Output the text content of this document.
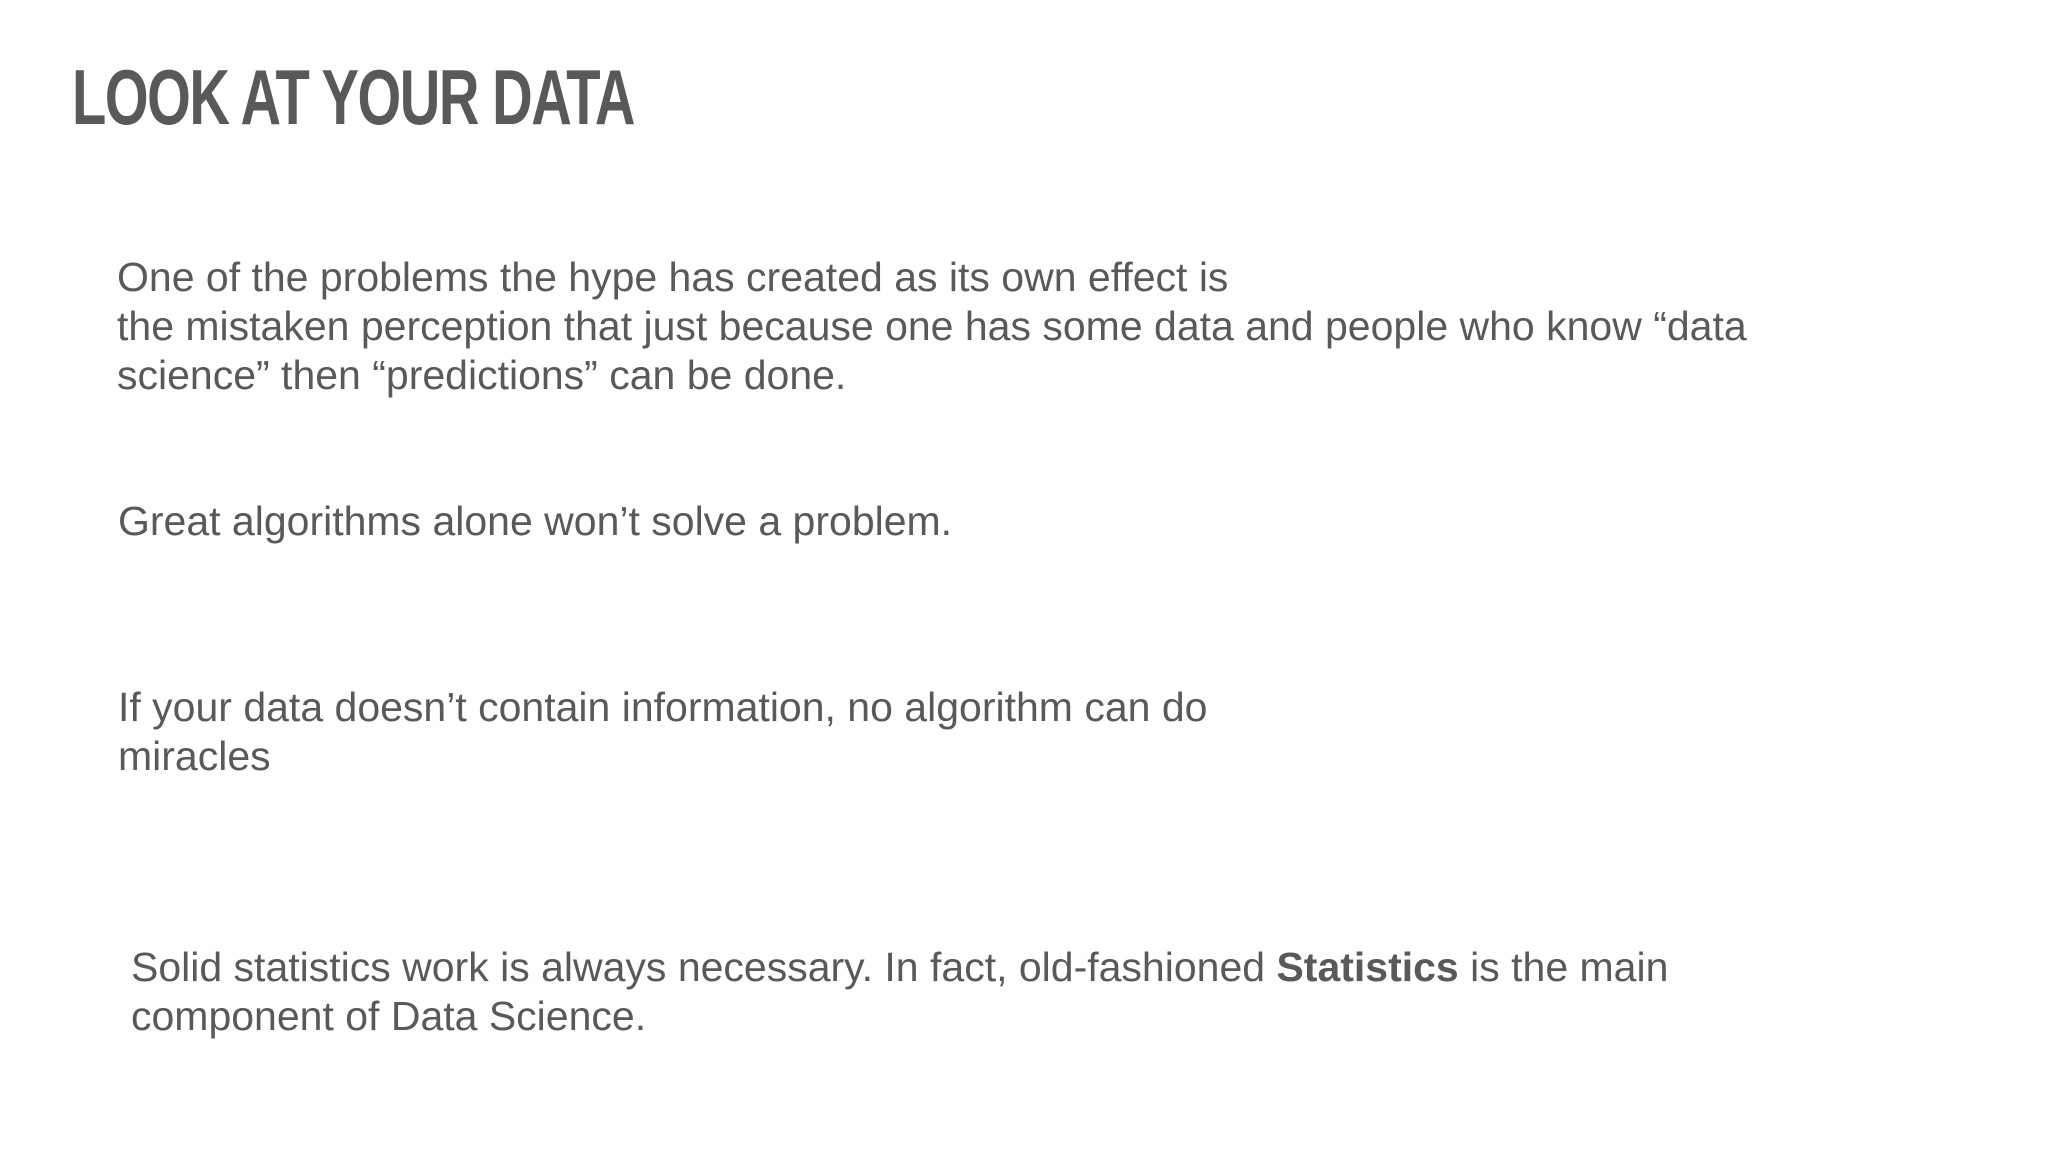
LOOK AT YOUR DATA
One of the problems the hype has created as its own effect is
the mistaken perception that just because one has some data and people who know “data
science” then “predictions” can be done.
Great algorithms alone won’t solve a problem.
If your data doesn’t contain information, no algorithm can do
miracles
Solid statistics work is always necessary. In fact, old-fashioned Statistics is the main
component of Data Science.
